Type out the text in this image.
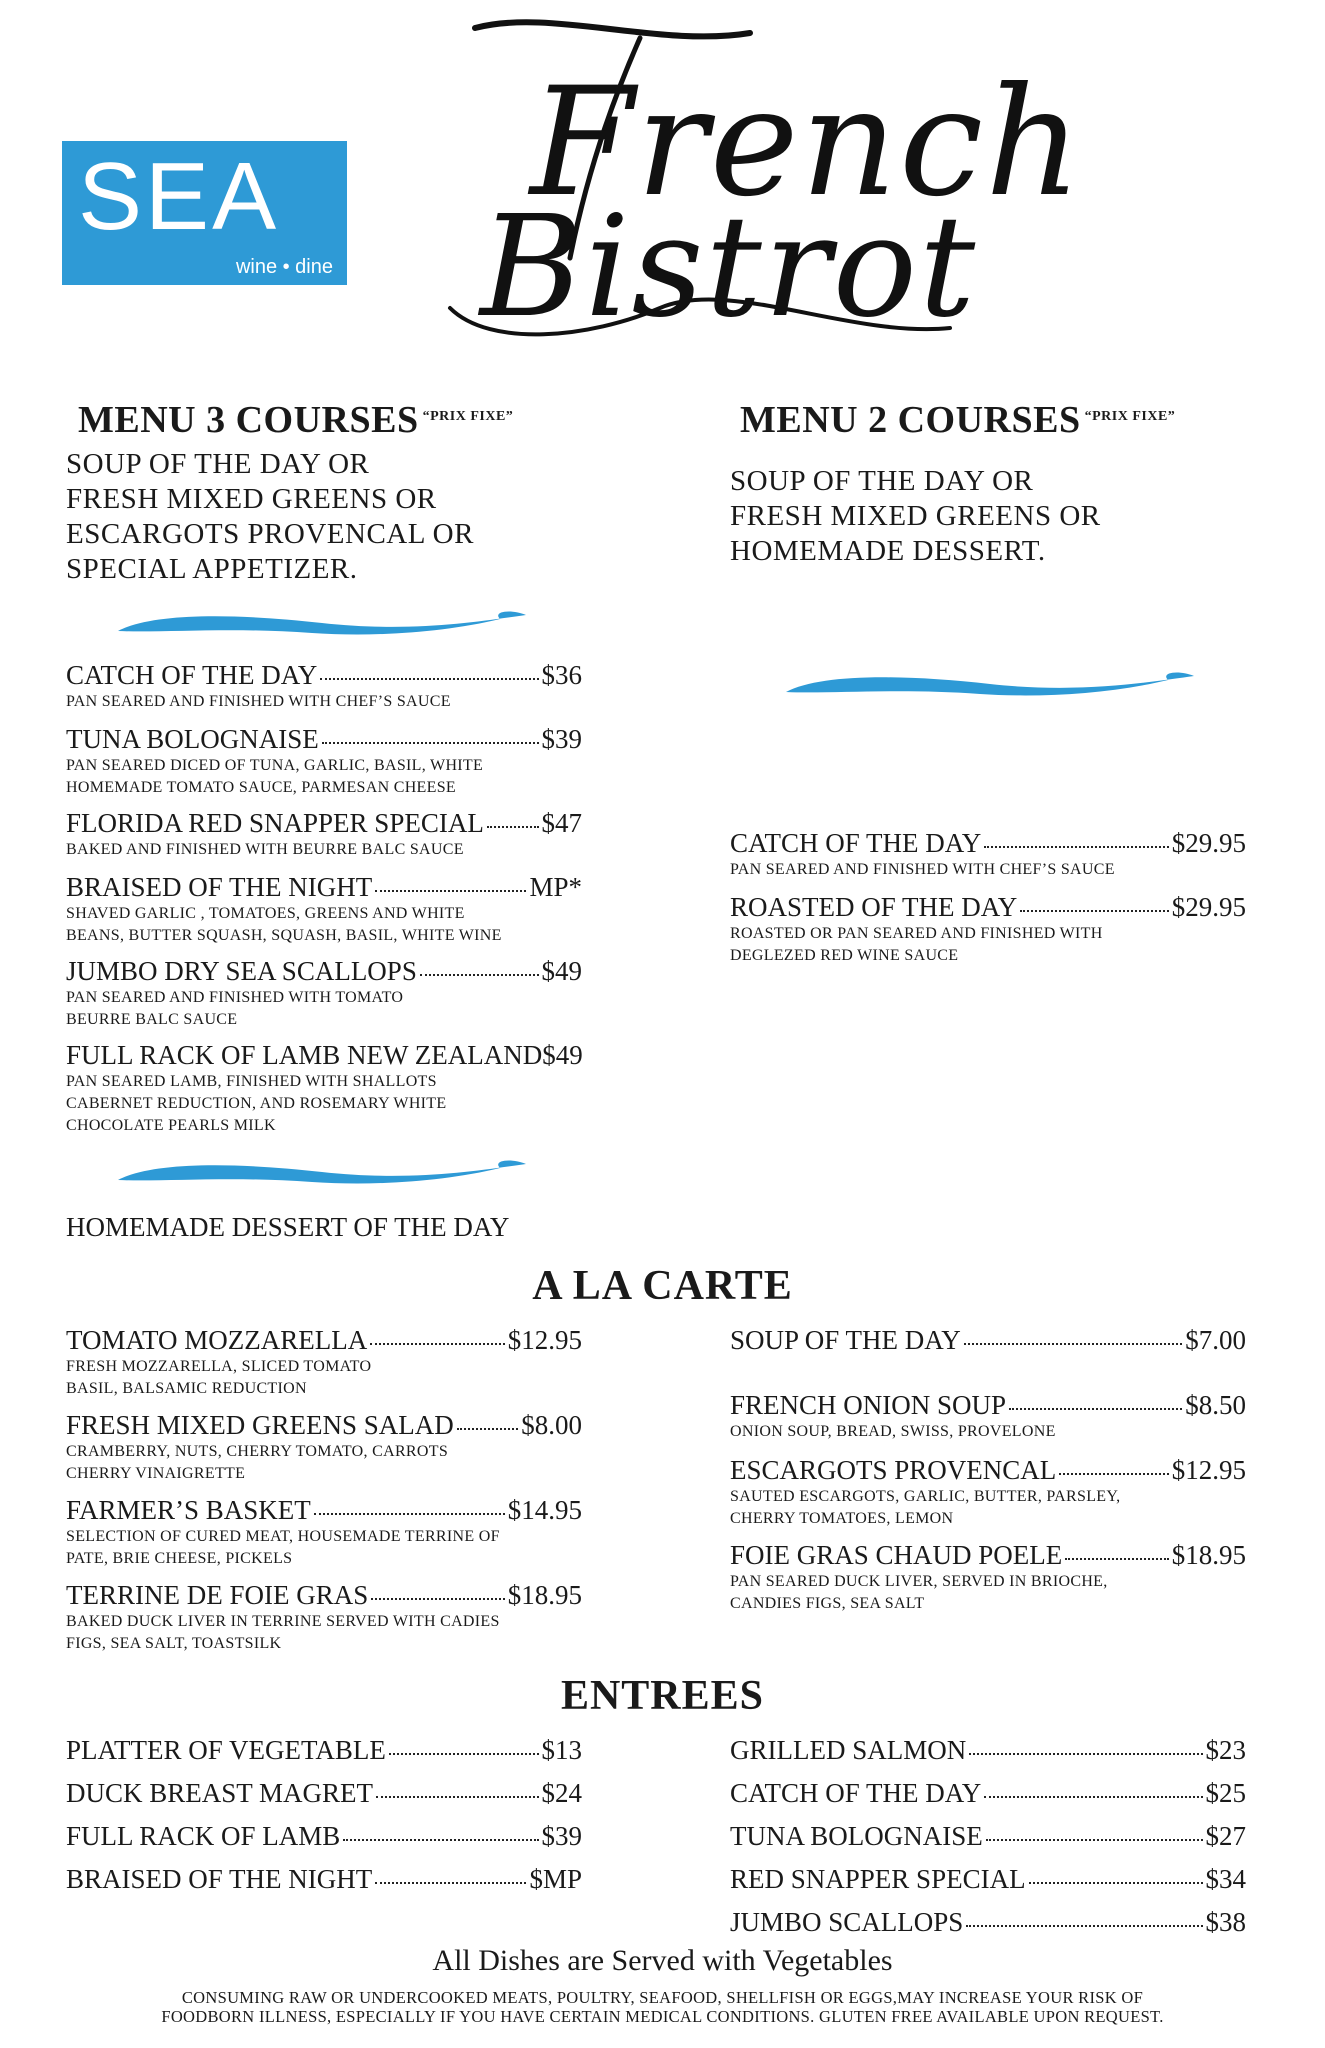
SEA
wine • dine
French
Bistrot
MENU 3 COURSES $^{“PRIX FIXE”}$
SOUP OF THE DAY OR
FRESH MIXED GREENS OR
ESCARGOTS PROVENCAL OR
SPECIAL APPETIZER.
CATCH OF THE DAY	$36
PAN SEARED AND FINISHED WITH CHEF’S SAUCE
TUNA BOLOGNAISE	$39
PAN SEARED DICED OF TUNA, GARLIC, BASIL, WHITE
HOMEMADE TOMATO SAUCE, PARMESAN CHEESE
FLORIDA RED SNAPPER SPECIAL $47
BAKED AND FINISHED WITH BEURRE BALC SAUCE
BRAISED OF THE NIGHT	MP*
SHAVED GARLIC , TOMATOES, GREENS AND WHITE
BEANS, BUTTER SQUASH, SQUASH, BASIL, WHITE WINE
JUMBO DRY SEA SCALLOPS	$49
PAN SEARED AND FINISHED WITH TOMATO
BEURRE BALC SAUCE
FULL RACK OF LAMB NEW ZEALAND $49
PAN SEARED LAMB, FINISHED WITH SHALLOTS
CABERNET REDUCTION, AND ROSEMARY WHITE
CHOCOLATE PEARLS MILK
HOMEMADE DESSERT OF THE DAY
MENU 2 COURSES $^{“PRIX FIXE”}$
SOUP OF THE DAY OR
FRESH MIXED GREENS OR
HOMEMADE DESSERT.
CATCH OF THE DAY	$29.95
PAN SEARED AND FINISHED WITH CHEF’S SAUCE
ROASTED OF THE DAY	$29.95
ROASTED OR PAN SEARED AND FINISHED WITH
DEGLEZED RED WINE SAUCE
A LA CARTE
TOMATO MOZZARELLA	$12.95
FRESH MOZZARELLA, SLICED TOMATO
BASIL, BALSAMIC REDUCTION
FRESH MIXED GREENS SALAD $8.00
CRAMBERRY, NUTS, CHERRY TOMATO, CARROTS
CHERRY VINAIGRETTE
FARMER’S BASKET	$14.95
SELECTION OF CURED MEAT, HOUSEMADE TERRINE OF
PATE, BRIE CHEESE, PICKELS
TERRINE DE FOIE GRAS	$18.95
BAKED DUCK LIVER IN TERRINE SERVED WITH CADIES
FIGS, SEA SALT, TOASTSILK
SOUP OF THE DAY	$7.00
FRENCH ONION SOUP	$8.50
ONION SOUP, BREAD, SWISS, PROVELONE
ESCARGOTS PROVENCAL	$12.95
SAUTED ESCARGOTS, GARLIC, BUTTER, PARSLEY,
CHERRY TOMATOES, LEMON
FOIE GRAS CHAUD POELE	$18.95
PAN SEARED DUCK LIVER, SERVED IN BRIOCHE,
CANDIES FIGS, SEA SALT
ENTREES
PLATTER OF VEGETABLE	$13
DUCK BREAST MAGRET	$24
FULL RACK OF LAMB	$39
BRAISED OF THE NIGHT	$MP
GRILLED SALMON	$23
CATCH OF THE DAY	$25
TUNA BOLOGNAISE	$27
RED SNAPPER SPECIAL	$34
JUMBO SCALLOPS	$38
All Dishes are Served with Vegetables
CONSUMING RAW OR UNDERCOOKED MEATS, POULTRY, SEAFOOD, SHELLFISH OR EGGS,MAY INCREASE YOUR RISK OF
FOODBORN ILLNESS, ESPECIALLY IF YOU HAVE CERTAIN MEDICAL CONDITIONS. GLUTEN FREE AVAILABLE UPON REQUEST.
